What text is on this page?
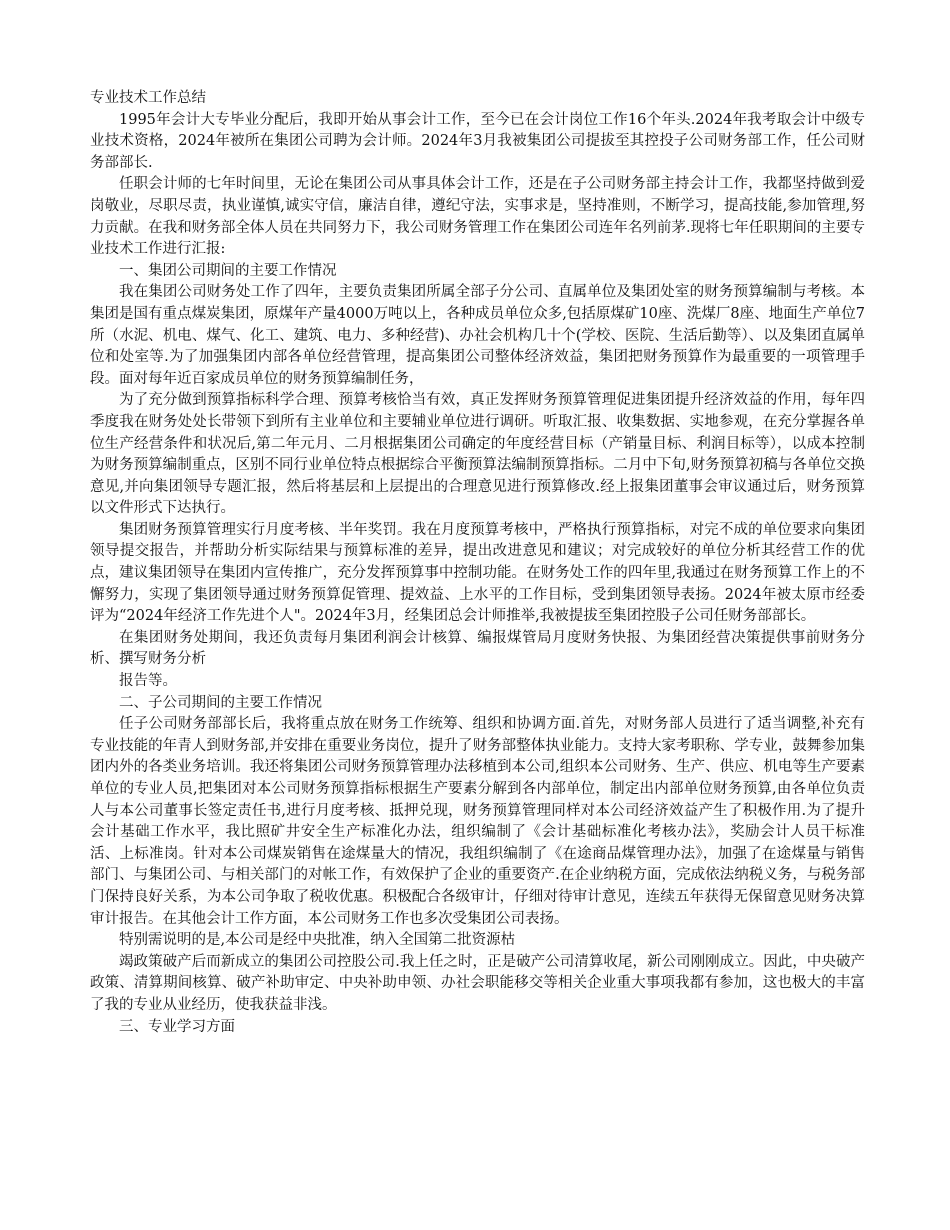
专业技术工作总结

1995年会计大专毕业分配后，我即开始从事会计工作，至今已在会计岗位工作16个年头.2024年我考取会计中级专业技术资格，2024年被所在集团公司聘为会计师。2024年3月我被集团公司提拔至其控投子公司财务部工作，任公司财务部部长.

任职会计师的七年时间里，无论在集团公司从事具体会计工作，还是在子公司财务部主持会计工作，我都坚持做到爱岗敬业，尽职尽责，执业谨慎,诚实守信，廉洁自律，遵纪守法，实事求是，坚持准则，不断学习，提高技能,参加管理,努力贡献。在我和财务部全体人员在共同努力下，我公司财务管理工作在集团公司连年名列前茅.现将七年任职期间的主要专业技术工作进行汇报:

一、集团公司期间的主要工作情况

我在集团公司财务处工作了四年，主要负责集团所属全部子分公司、直属单位及集团处室的财务预算编制与考核。本集团是国有重点煤炭集团，原煤年产量4000万吨以上，各种成员单位众多,包括原煤矿10座、洗煤厂8座、地面生产单位7所（水泥、机电、煤气、化工、建筑、电力、多种经营)、办社会机构几十个(学校、医院、生活后勤等）、以及集团直属单位和处室等.为了加强集团内部各单位经营管理，提高集团公司整体经济效益，集团把财务预算作为最重要的一项管理手段。面对每年近百家成员单位的财务预算编制任务，

为了充分做到预算指标科学合理、预算考核恰当有效，真正发挥财务预算管理促进集团提升经济效益的作用，每年四季度我在财务处处长带领下到所有主业单位和主要辅业单位进行调研。听取汇报、收集数据、实地参观，在充分掌握各单位生产经营条件和状况后,第二年元月、二月根据集团公司确定的年度经营目标（产销量目标、利润目标等），以成本控制为财务预算编制重点，区别不同行业单位特点根据综合平衡预算法编制预算指标。二月中下旬,财务预算初稿与各单位交换意见,并向集团领导专题汇报，然后将基层和上层提出的合理意见进行预算修改.经上报集团董事会审议通过后，财务预算以文件形式下达执行。

集团财务预算管理实行月度考核、半年奖罚。我在月度预算考核中，严格执行预算指标，对完不成的单位要求向集团领导提交报告，并帮助分析实际结果与预算标准的差异，提出改进意见和建议；对完成较好的单位分析其经营工作的优点，建议集团领导在集团内宣传推广，充分发挥预算事中控制功能。在财务处工作的四年里,我通过在财务预算工作上的不懈努力，实现了集团领导通过财务预算促管理、提效益、上水平的工作目标，受到集团领导表扬。2024年被太原市经委评为“2024年经济工作先进个人"。2024年3月，经集团总会计师推举,我被提拔至集团控股子公司任财务部部长。

在集团财务处期间，我还负责每月集团利润会计核算、编报煤管局月度财务快报、为集团经营决策提供事前财务分析、撰写财务分析

报告等。

二、子公司期间的主要工作情况

任子公司财务部部长后，我将重点放在财务工作统筹、组织和协调方面.首先，对财务部人员进行了适当调整,补充有专业技能的年青人到财务部,并安排在重要业务岗位，提升了财务部整体执业能力。支持大家考职称、学专业，鼓舞参加集团内外的各类业务培训。我还将集团公司财务预算管理办法移植到本公司,组织本公司财务、生产、供应、机电等生产要素单位的专业人员,把集团对本公司财务预算指标根据生产要素分解到各内部单位，制定出内部单位财务预算,由各单位负责人与本公司董事长签定责任书,进行月度考核、抵押兑现，财务预算管理同样对本公司经济效益产生了积极作用.为了提升会计基础工作水平，我比照矿井安全生产标准化办法，组织编制了《会计基础标准化考核办法》，奖励会计人员干标准活、上标准岗。针对本公司煤炭销售在途煤量大的情况，我组织编制了《在途商品煤管理办法》，加强了在途煤量与销售部门、与集团公司、与相关部门的对帐工作，有效保护了企业的重要资产.在企业纳税方面，完成依法纳税义务，与税务部门保持良好关系，为本公司争取了税收优惠。积极配合各级审计，仔细对待审计意见，连续五年获得无保留意见财务决算审计报告。在其他会计工作方面，本公司财务工作也多次受集团公司表扬。

特别需说明的是,本公司是经中央批准，纳入全国第二批资源枯

竭政策破产后而新成立的集团公司控股公司.我上任之时，正是破产公司清算收尾，新公司刚刚成立。因此，中央破产政策、清算期间核算、破产补助审定、中央补助申领、办社会职能移交等相关企业重大事项我都有参加，这也极大的丰富了我的专业从业经历，使我获益非浅。

三、专业学习方面
